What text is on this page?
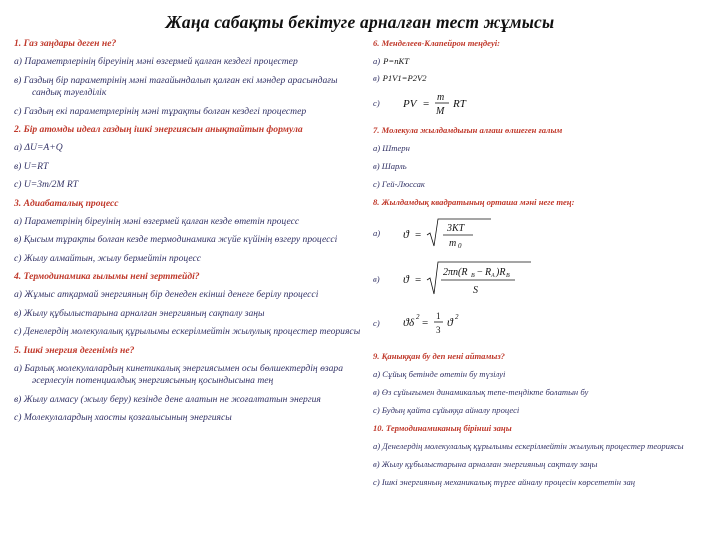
Жаңа сабақты бекітуге арналған тест жұмысы
1. Газ заңдары деген не?
а) Параметрлерінің біреуінің мәні өзгермей қалған кездегі процестер
в) Газдың бір параметрінің мәні тағайындалып қалған екі мәндер арасындағы сандық тәуелділік
с) Газдың екі параметрлерінің мәні тұрақты болған кездегі процестер
2. Бір атомды идеал газдың ішкі энергиясын анықтайтын формула
а) ΔU=A+Q
в) U=RT
с) U=3m/2M RT
3. Адиабаталық процесс
а) Параметрінің біреуінің мәні өзгермей қалған кезде өтетін процесс
в) Қысым тұрақты болған кезде термодинамика жүйе күйінің өзгеру процессі
с) Жылу алмайтын, жылу бермейтін процесс
4. Термодинамика ғылымы нені зерттейді?
а) Жұмыс атқармай энергияның бір денеден екінші денеге берілу процессі
в) Жылу құбылыстарына арналған энергияның сақталу заңы
с) Денелердің молекулалық құрылымы ескерілмейтін жылулық процестер теориясы
5. Ішкі энергия дегеніміз не?
а) Барлық молекулалардың кинетикалық энергиясымен осы бөлшектердің өзара әсерлесуін потенциалдық энергиясының қосындысына тең
в) Жылу алмасу (жылу беру) кезінде дене алатын не жоғалтатын энергия
с) Молекулалардың хаосты қозғалысының энергиясы
6. Менделеев-Клапейрон теңдеуі:
а) P=nKT
в) P1V1=P2V2
с)	PV =
m
M
RT
7. Молекула жылдамдығын алғаш өлшеген ғалым
а) Штерн
в) Шарль
с) Гей-Люссак
8. Жылдамдық квадратының орташа мәні неге тең:
а)	ϑ =
3KT
m 0
в)	ϑ =
2πn(R B − R A )R B
S
с)	ϑ δ 2 =
1
3
ϑ 2
9. Қаныққан бу деп нені айтамыз?
а) Сұйық бетінде өтетін бу түзілуі
в) Өз сұйығымен динамикалық тепе-теңдікте болатын бу
с) Будың қайта сұйыққа айналу процесі
10. Термодинамиканың бірінші заңы
а) Денелердің молекулалық құрылымы ескерілмейтін жылулық процестер теориясы
в) Жылу құбылыстарына арналған энергияның сақталу заңы
с) Ішкі энергияның механикалық түрге айналу процесін көрсететін заң
